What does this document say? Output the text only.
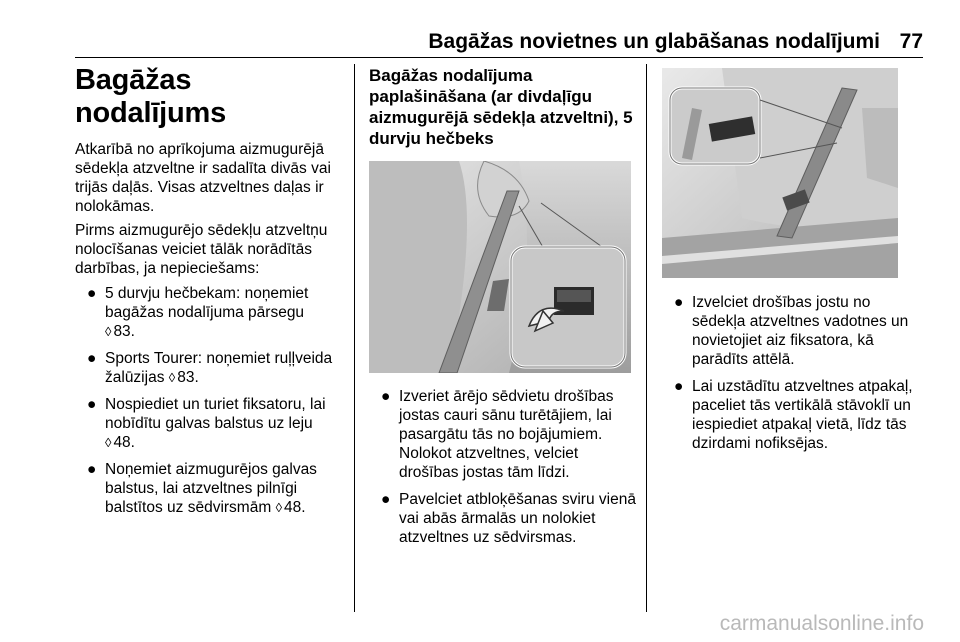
Bagāžas novietnes un glabāšanas nodalījumi 77
Bagāžas nodalījums

Atkarībā no aprīkojuma aizmugurējā sēdekļa atzveltne ir sadalīta divās vai trijās daļās. Visas atzveltnes daļas ir nolokāmas.

Pirms aizmugurējo sēdekļu atzveltņu nolocīšanas veiciet tālāk norādītās darbības, ja nepieciešams:

● 5 durvju hečbekam: noņemiet bagāžas nodalījuma pārsegu
◊ 83.
● Sports Tourer: noņemiet ruļļveida žalūzijas ◊ 83.
● Nospiediet un turiet fiksatoru, lai nobīdītu galvas balstus uz leju
◊ 48.
● Noņemiet aizmugurējos galvas balstus, lai atzveltnes pilnīgi balstītos uz sēdvirsmām ◊ 48.
Bagāžas nodalījuma paplašināšana (ar divdaļīgu aizmugurējā sēdekļa atzveltni), 5 durvju hečbeks
● Izveriet ārējo sēdvietu drošības jostas cauri sānu turētājiem, lai pasargātu tās no bojājumiem. Nolokot atzveltnes, velciet drošības jostas tām līdzi.
● Pavelciet atbloķēšanas sviru vienā vai abās ārmalās un nolokiet atzveltnes uz sēdvirsmas.
● Izvelciet drošības jostu no sēdekļa atzveltnes vadotnes un novietojiet aiz fiksatora, kā parādīts attēlā.
● Lai uzstādītu atzveltnes atpakaļ, paceliet tās vertikālā stāvoklī un iespiediet atpakaļ vietā, līdz tās dzirdami nofiksējas.
carmanualsonline.info
